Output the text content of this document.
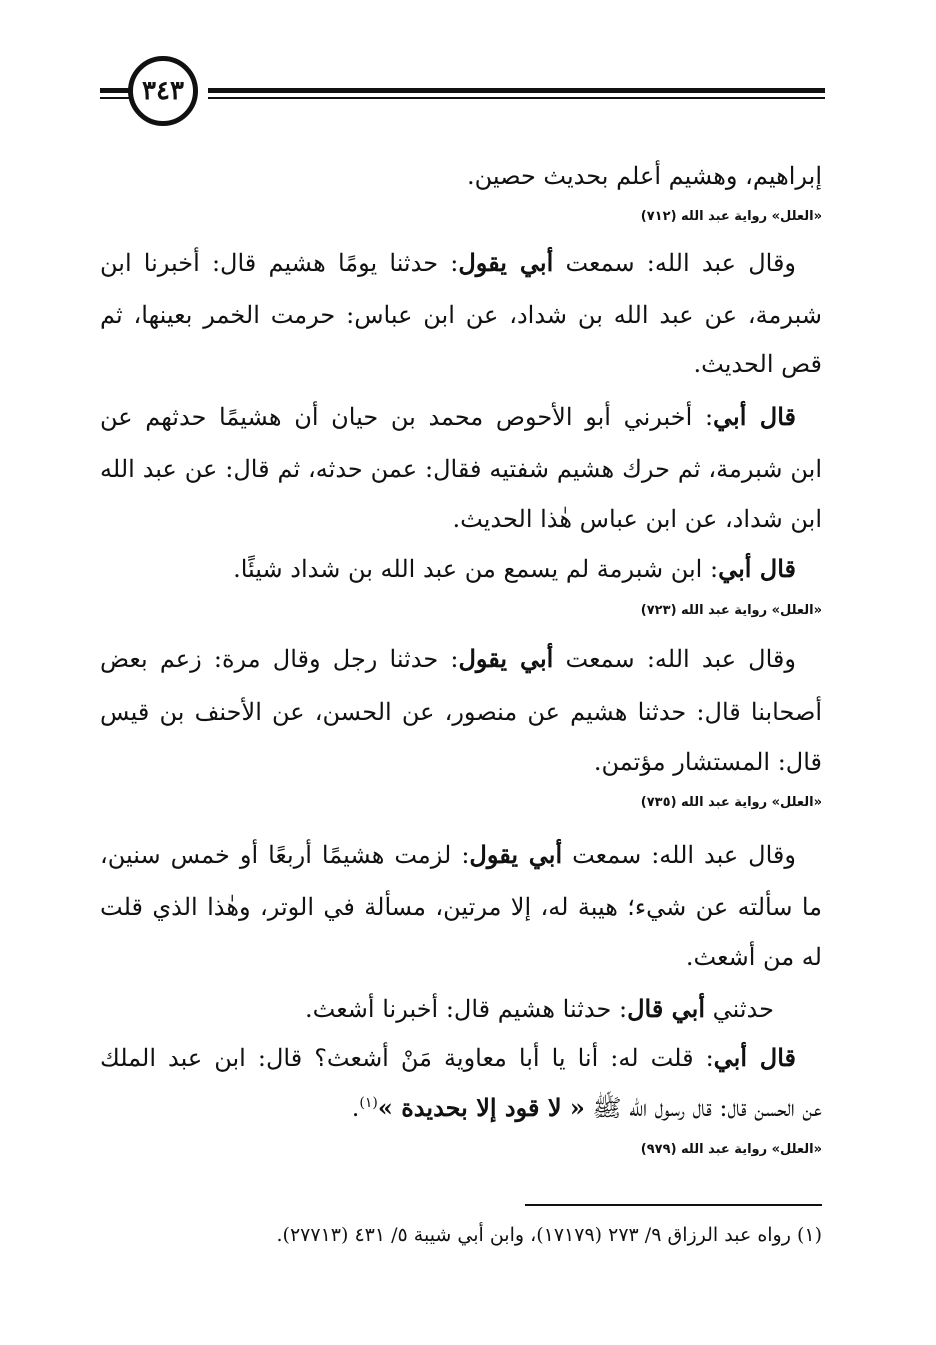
٣٤٣
إبراهيم، وهشيم أعلم بحديث حصين.
«العلل» رواية عبد الله (٧١٢)
وقال عبد الله: سمعت أبي يقول: حدثنا يومًا هشيم قال: أخبرنا ابن
شبرمة، عن عبد الله بن شداد، عن ابن عباس: حرمت الخمر بعينها، ثم
قص الحديث.
قال أبي: أخبرني أبو الأحوص محمد بن حيان أن هشيمًا حدثهم عن
ابن شبرمة، ثم حرك هشيم شفتيه فقال: عمن حدثه، ثم قال: عن عبد الله
ابن شداد، عن ابن عباس هٰذا الحديث.
قال أبي: ابن شبرمة لم يسمع من عبد الله بن شداد شيئًا.
«العلل» رواية عبد الله (٧٢٣)
وقال عبد الله: سمعت أبي يقول: حدثنا رجل وقال مرة: زعم بعض
أصحابنا قال: حدثنا هشيم عن منصور، عن الحسن، عن الأحنف بن قيس
قال: المستشار مؤتمن.
«العلل» رواية عبد الله (٧٣٥)
وقال عبد الله: سمعت أبي يقول: لزمت هشيمًا أربعًا أو خمس سنين،
ما سألته عن شيء؛ هيبة له، إلا مرتين، مسألة في الوتر، وهٰذا الذي قلت
له من أشعث.
حدثني أبي قال: حدثنا هشيم قال: أخبرنا أشعث.
قال أبي: قلت له: أنا يا أبا معاوية مَنْ أشعث؟ قال: ابن عبد الملك
عن الحسن قال: قال رسول الله ﷺ « لا قود إلا بحديدة »$^{(١)}$.
«العلل» رواية عبد الله (٩٧٩)
(١) رواه عبد الرزاق ٩/ ٢٧٣ (١٧١٧٩)، وابن أبي شيبة ٥/ ٤٣١ (٢٧٧١٣).
